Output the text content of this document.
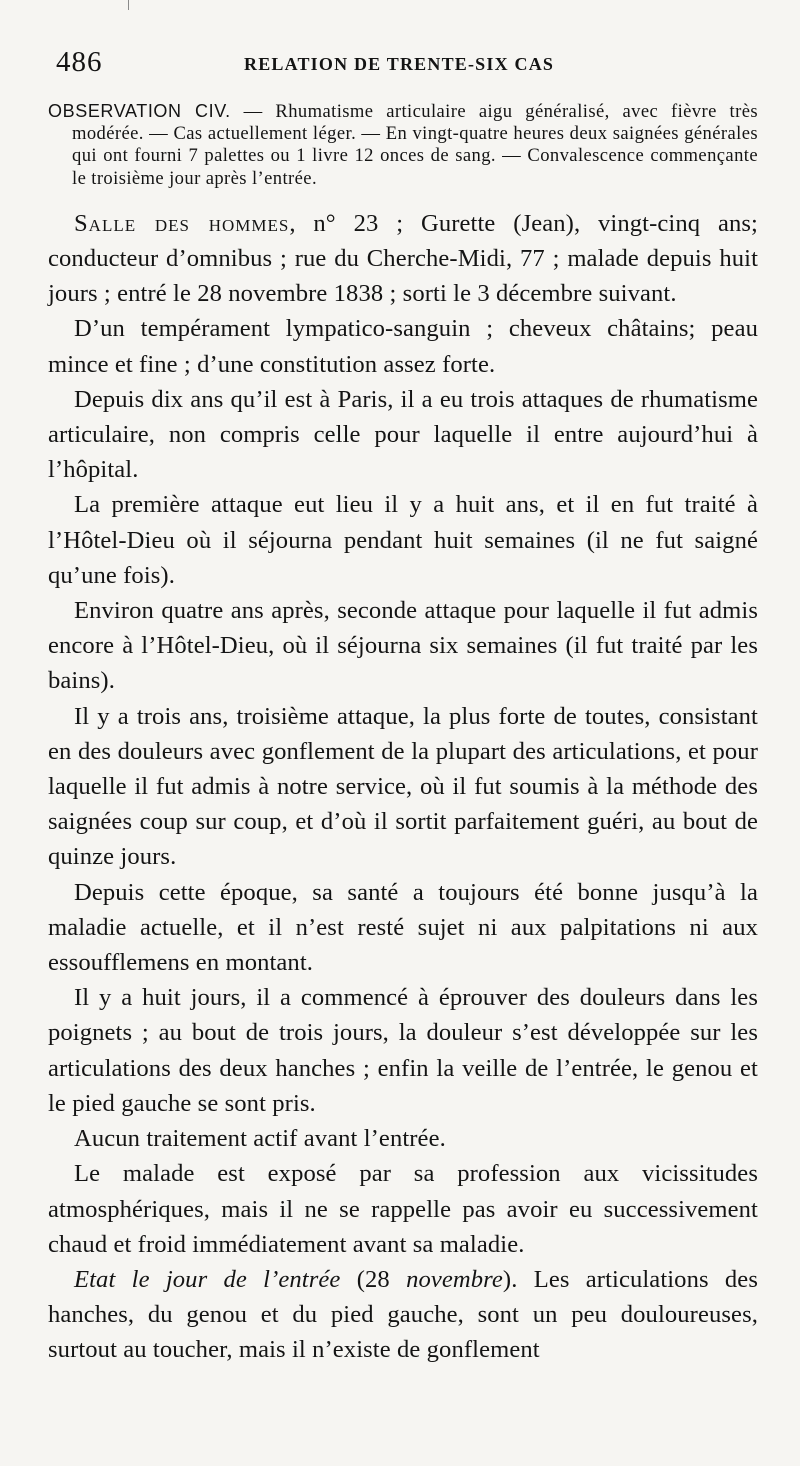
486	RELATION DE TRENTE-SIX CAS

OBSERVATION CIV. — Rhumatisme articulaire aigu généralisé, avec fièvre très modérée. — Cas actuellement léger. — En vingt-quatre heures deux saignées générales qui ont fourni 7 palettes ou 1 livre 12 onces de sang. — Convalescence commençante le troisième jour après l’entrée.

Salle des hommes, n° 23 ; Gurette (Jean), vingt-cinq ans; conducteur d’omnibus ; rue du Cherche-Midi, 77 ; malade depuis huit jours ; entré le 28 novembre 1838 ; sorti le 3 décembre suivant.

D’un tempérament lympatico-sanguin ; cheveux châtains; peau mince et fine ; d’une constitution assez forte.

Depuis dix ans qu’il est à Paris, il a eu trois attaques de rhumatisme articulaire, non compris celle pour laquelle il entre aujourd’hui à l’hôpital.

La première attaque eut lieu il y a huit ans, et il en fut traité à l’Hôtel-Dieu où il séjourna pendant huit semaines (il ne fut saigné qu’une fois).

Environ quatre ans après, seconde attaque pour laquelle il fut admis encore à l’Hôtel-Dieu, où il séjourna six semaines (il fut traité par les bains).

Il y a trois ans, troisième attaque, la plus forte de toutes, consistant en des douleurs avec gonflement de la plupart des articulations, et pour laquelle il fut admis à notre service, où il fut soumis à la méthode des saignées coup sur coup, et d’où il sortit parfaitement guéri, au bout de quinze jours.

Depuis cette époque, sa santé a toujours été bonne jusqu’à la maladie actuelle, et il n’est resté sujet ni aux palpitations ni aux essoufflemens en montant.

Il y a huit jours, il a commencé à éprouver des douleurs dans les poignets ; au bout de trois jours, la douleur s’est développée sur les articulations des deux hanches ; enfin la veille de l’entrée, le genou et le pied gauche se sont pris.

Aucun traitement actif avant l’entrée.

Le malade est exposé par sa profession aux vicissitudes atmosphériques, mais il ne se rappelle pas avoir eu successivement chaud et froid immédiatement avant sa maladie.

Etat le jour de l’entrée (28 novembre). Les articulations des hanches, du genou et du pied gauche, sont un peu douloureuses, surtout au toucher, mais il n’existe de gonflement
